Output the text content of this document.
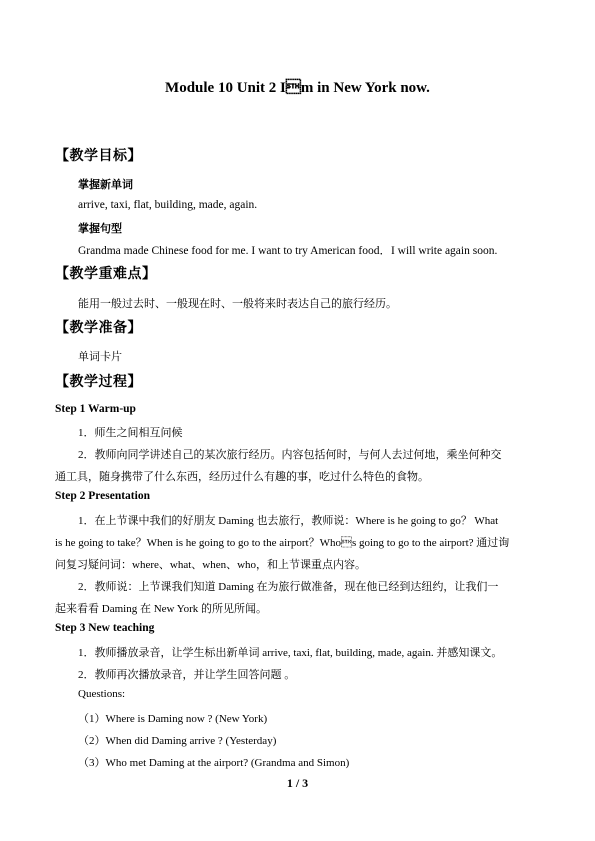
Module 10 Unit 2 Im in New York now.
【教学目标】
掌握新单词
arrive, taxi, flat, building, made, again.
掌握句型
Grandma made Chinese food for me. I want to try American food．I will write again soon.
【教学重难点】
能用一般过去时、一般现在时、一般将来时表达自己的旅行经历。
【教学准备】
单词卡片
【教学过程】
Step 1 Warm-up
1．师生之间相互问候
2．教师向同学讲述自己的某次旅行经历。内容包括何时，与何人去过何地，乘坐何种交
通工具，随身携带了什么东西，经历过什么有趣的事，吃过什么特色的食物。
Step 2 Presentation
1．在上节课中我们的好朋友 Daming 也去旅行，教师说：Where is he going to go？ What
is he going to take？When is he going to go to the airport？Whos going to go to the airport? 通过询
问复习疑问词：where、what、when、who，和上节课重点内容。
2．教师说：上节课我们知道 Daming 在为旅行做准备，现在他已经到达纽约，让我们一
起来看看 Daming 在 New York 的所见所闻。
Step 3 New teaching
1．教师播放录音，让学生标出新单词 arrive, taxi, flat, building, made, again. 并感知课文。
2．教师再次播放录音，并让学生回答问题 。
Questions:
（1）Where is Daming now ? (New York)
（2）When did Daming arrive ? (Yesterday)
（3）Who met Daming at the airport? (Grandma and Simon)
1 / 3
